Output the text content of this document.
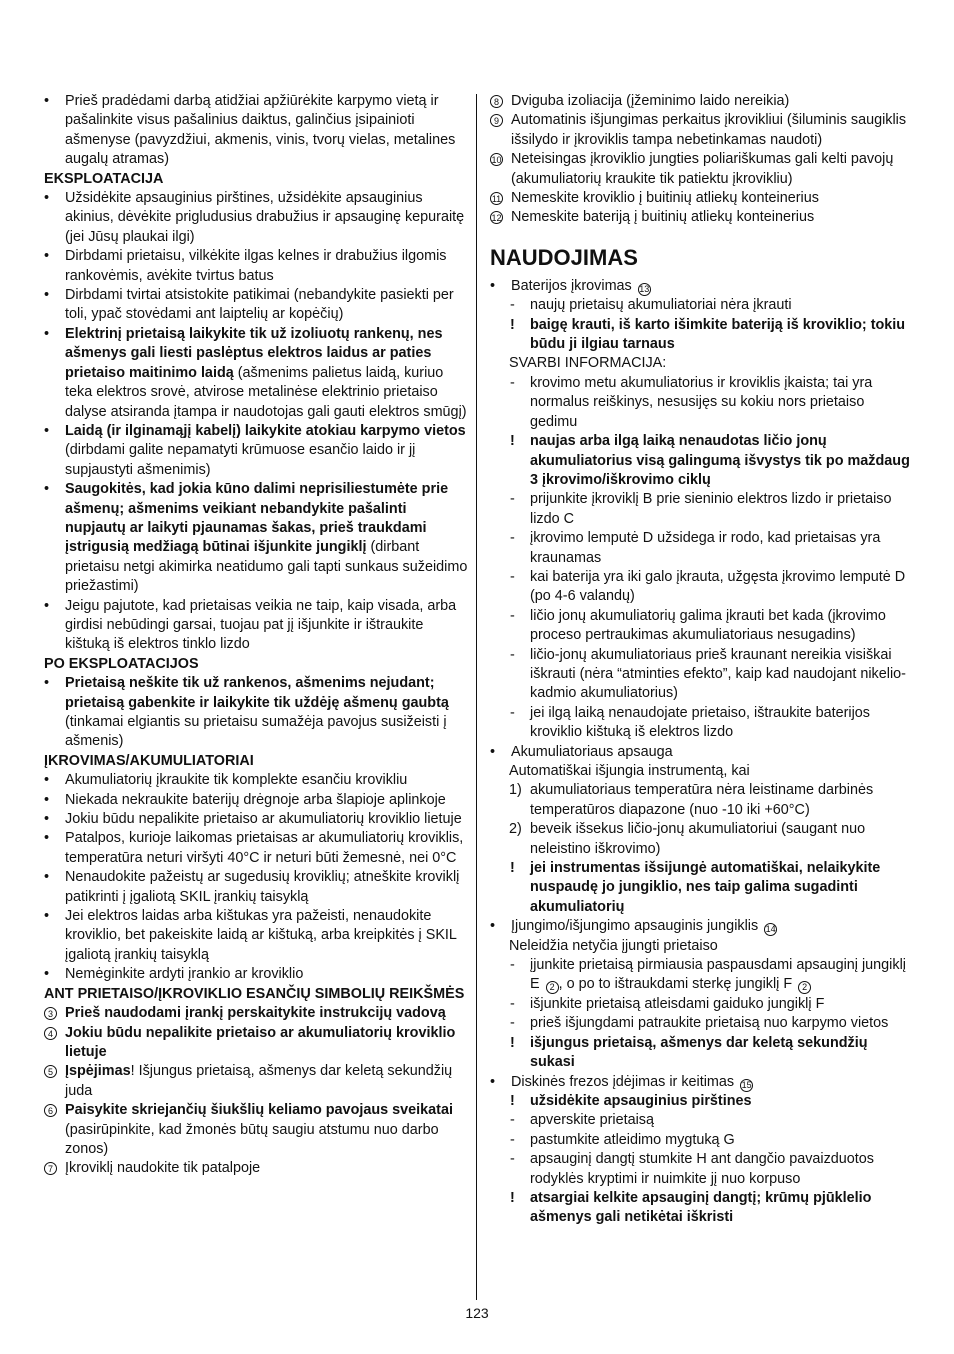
• Prieš pradėdami darbą atidžiai apžiūrėkite karpymo vietą ir pašalinkite visus pašalinius daiktus, galinčius įsipainioti ašmenyse (pavyzdžiui, akmenis, vinis, tvorų vielas, metalines augalų atramas)
EKSPLOATACIJA
• Užsidėkite apsauginius pirštines, užsidėkite apsauginius akinius, dėvėkite prigludusius drabužius ir apsauginę kepuraitę (jei Jūsų plaukai ilgi)
• Dirbdami prietaisu, vilkėkite ilgas kelnes ir drabužius ilgomis rankovėmis, avėkite tvirtus batus
• Dirbdami tvirtai atsistokite patikimai (nebandykite pasiekti per toli, ypač stovėdami ant laiptelių ar kopėčių)
• Elektrinį prietaisą laikykite tik už izoliuotų rankenų, nes ašmenys gali liesti paslėptus elektros laidus ar paties prietaiso maitinimo laidą (ašmenims palietus laidą, kuriuo teka elektros srovė, atvirose metalinėse elektrinio prietaiso dalyse atsiranda įtampa ir naudotojas gali gauti elektros smūgį)
• Laidą (ir ilginamąjį kabelį) laikykite atokiau karpymo vietos (dirbdami galite nepamatyti krūmuose esančio laido ir jį supjaustyti ašmenimis)
• Saugokitės, kad jokia kūno dalimi neprisiliestumėte prie ašmenų; ašmenims veikiant nebandykite pašalinti nupjautų ar laikyti pjaunamas šakas, prieš traukdami įstrigusią medžiagą būtinai išjunkite jungiklį (dirbant prietaisu netgi akimirka neatidumo gali tapti sunkaus sužeidimo priežastimi)
• Jeigu pajutote, kad prietaisas veikia ne taip, kaip visada, arba girdisi nebūdingi garsai, tuojau pat jį išjunkite ir ištraukite kištuką iš elektros tinklo lizdo
PO EKSPLOATACIJOS
• Prietaisą neškite tik už rankenos, ašmenims nejudant; prietaisą gabenkite ir laikykite tik uždėję ašmenų gaubtą (tinkamai elgiantis su prietaisu sumažėja pavojus susižeisti į ašmenis)
ĮKROVIMAS/AKUMULIATORIAI
• Akumuliatorių įkraukite tik komplekte esančiu krovikliu
• Niekada nekraukite baterijų drėgnoje arba šlapioje aplinkoje
• Jokiu būdu nepalikite prietaiso ar akumuliatorių kroviklio lietuje
• Patalpos, kurioje laikomas prietaisas ar akumuliatorių kroviklis, temperatūra neturi viršyti 40°C ir neturi būti žemesnė, nei 0°C
• Nenaudokite pažeistų ar sugedusių kroviklių; atneškite kroviklį patikrinti į įgaliotą SKIL įrankių taisyklą
• Jei elektros laidas arba kištukas yra pažeisti, nenaudokite kroviklio, bet pakeiskite laidą ar kištuką, arba kreipkitės į SKIL įgaliotą įrankių taisyklą
• Nemėginkite ardyti įrankio ar kroviklio
ANT PRIETAISO/ĮKROVIKLIO ESANČIŲ SIMBOLIŲ REIKŠMĖS
3 Prieš naudodami įrankį perskaitykite instrukcijų vadovą
4 Jokiu būdu nepalikite prietaiso ar akumuliatorių kroviklio lietuje
5 Įspėjimas! Išjungus prietaisą, ašmenys dar keletą sekundžių juda
6 Paisykite skriejančių šiukšlių keliamo pavojaus sveikatai (pasirūpinkite, kad žmonės būtų saugiu atstumu nuo darbo zonos)
7 Įkroviklį naudokite tik patalpoje
8 Dviguba izoliacija (įžeminimo laido nereikia)
9 Automatinis išjungimas perkaitus įkrovikliui (šiluminis saugiklis išsilydo ir įkroviklis tampa nebetinkamas naudoti)
10 Neteisingas įkroviklio jungties poliariškumas gali kelti pavojų (akumuliatorių kraukite tik patiektu įkrovikliu)
11 Nemeskite kroviklio į buitinių atliekų konteinerius
12 Nemeskite bateriją į buitinių atliekų konteinerius
NAUDOJIMAS
• Baterijos įkrovimas 13
- naujų prietaisų akumuliatoriai nėra įkrauti
! baigę krauti, iš karto išimkite bateriją iš kroviklio; tokiu būdu ji ilgiau tarnaus
SVARBI INFORMACIJA:
- krovimo metu akumuliatorius ir kroviklis įkaista; tai yra normalus reiškinys, nesusijęs su kokiu nors prietaiso gedimu
! naujas arba ilgą laiką nenaudotas ličio jonų akumuliatorius visą galingumą išvystys tik po maždaug 3 įkrovimo/iškrovimo ciklų
- prijunkite įkroviklį B prie sieninio elektros lizdo ir prietaiso lizdo C
- įkrovimo lemputė D užsidega ir rodo, kad prietaisas yra kraunamas
- kai baterija yra iki galo įkrauta, užgęsta įkrovimo lemputė D (po 4-6 valandų)
- ličio jonų akumuliatorių galima įkrauti bet kada (įkrovimo proceso pertraukimas akumuliatoriaus nesugadins)
- ličio-jonų akumuliatoriaus prieš kraunant nereikia visiškai iškrauti (nėra “atminties efekto”, kaip kad naudojant nikelio-kadmio akumuliatorius)
- jei ilgą laiką nenaudojate prietaiso, ištraukite baterijos kroviklio kištuką iš elektros lizdo
• Akumuliatoriaus apsauga
Automatiškai išjungia instrumentą, kai
1) akumuliatoriaus temperatūra nėra leistiname darbinės temperatūros diapazone (nuo -10 iki +60°C)
2) beveik išsekus ličio-jonų akumuliatoriui (saugant nuo neleistino iškrovimo)
! jei instrumentas išsijungė automatiškai, nelaikykite nuspaudę jo jungiklio, nes taip galima sugadinti akumuliatorių
• Įjungimo/išjungimo apsauginis jungiklis 14
Neleidžia netyčia įjungti prietaiso
- įjunkite prietaisą pirmiausia paspausdami apsauginį jungiklį E 2 , o po to ištraukdami sterkę jungiklį F 2
- išjunkite prietaisą atleisdami gaiduko jungiklį F
- prieš išjungdami patraukite prietaisą nuo karpymo vietos
! išjungus prietaisą, ašmenys dar keletą sekundžių sukasi
• Diskinės frezos įdėjimas ir keitimas 15
! užsidėkite apsauginius pirštines
- apverskite prietaisą
- pastumkite atleidimo mygtuką G
- apsauginį dangtį stumkite H ant dangčio pavaizduotos rodyklės kryptimi ir nuimkite jį nuo korpuso
! atsargiai kelkite apsauginį dangtį; krūmų pjūklelio ašmenys gali netikėtai iškristi
123
